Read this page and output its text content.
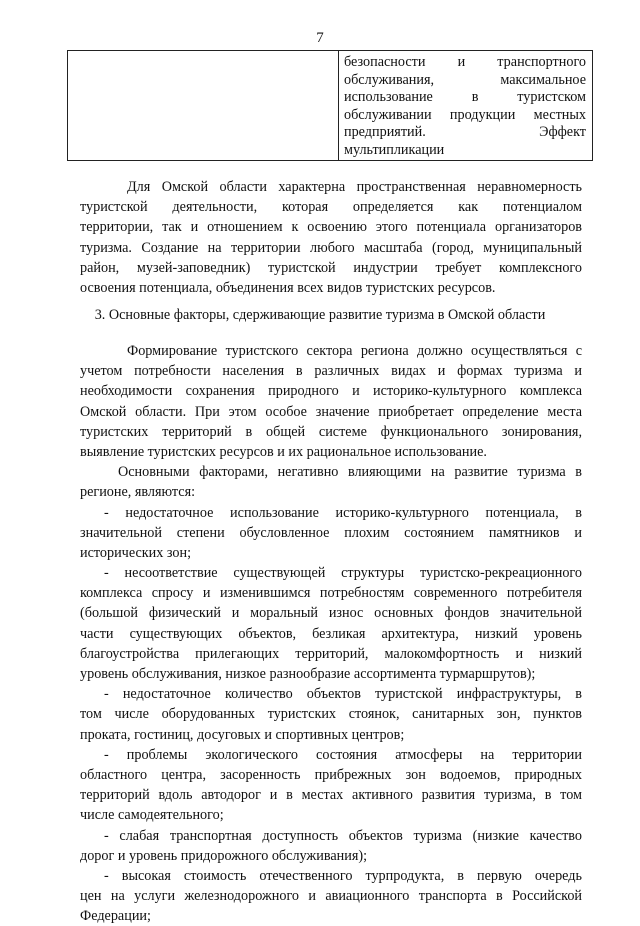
7
безопасности и транспортного
обслуживания, максимальное
использование в туристском
обслуживании продукции местных
предприятий. Эффект
мультипликации
Для Омской области характерна пространственная неравномерность
туристской деятельности, которая определяется как потенциалом
территории, так и отношением к освоению этого потенциала организаторов
туризма. Создание на территории любого масштаба (город, муниципальный
район, музей-заповедник) туристской индустрии требует комплексного
освоения потенциала, объединения всех видов туристских ресурсов.
3. Основные факторы, сдерживающие развитие туризма в Омской области
Формирование туристского сектора региона должно осуществляться с
учетом потребности населения в различных видах и формах туризма и
необходимости сохранения природного и историко-культурного комплекса
Омской области. При этом особое значение приобретает определение места
туристских территорий в общей системе функционального зонирования,
выявление туристских ресурсов и их рациональное использование.
Основными факторами, негативно влияющими на развитие туризма в
регионе, являются:
- недостаточное использование историко-культурного потенциала, в
значительной степени обусловленное плохим состоянием памятников и
исторических зон;
- несоответствие существующей структуры туристско-рекреационного
комплекса спросу и изменившимся потребностям современного потребителя
(большой физический и моральный износ основных фондов значительной
части существующих объектов, безликая архитектура, низкий уровень
благоустройства прилегающих территорий, малокомфортность и низкий
уровень обслуживания, низкое разнообразие ассортимента турмаршрутов);
- недостаточное количество объектов туристской инфраструктуры, в
том числе оборудованных туристских стоянок, санитарных зон, пунктов
проката, гостиниц, досуговых и спортивных центров;
- проблемы экологического состояния атмосферы на территории
областного центра, засоренность прибрежных зон водоемов, природных
территорий вдоль автодорог и в местах активного развития туризма, в том
числе самодеятельного;
- слабая транспортная доступность объектов туризма (низкие качество
дорог и уровень придорожного обслуживания);
- высокая стоимость отечественного турпродукта, в первую очередь
цен на услуги железнодорожного и авиационного транспорта в Российской
Федерации;
